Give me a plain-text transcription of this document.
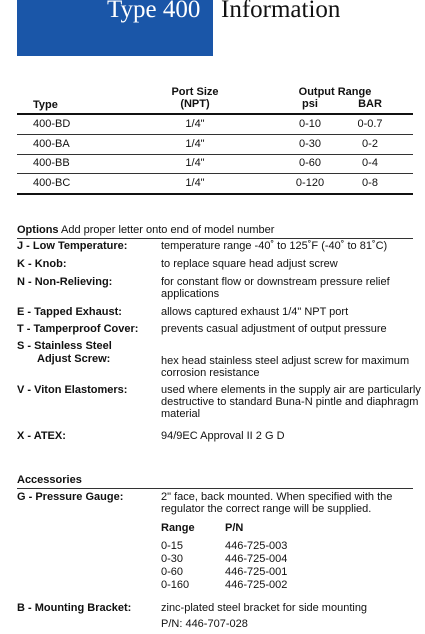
Type 400 Information
Type
Port Size
(NPT)
Output Range
psi	BAR
400-BD	1/4"	0-10	0-0.7
400-BA	1/4"	0-30	0-2
400-BB	1/4"	0-60	0-4
400-BC	1/4"	0-120	0-8
Options Add proper letter onto end of model number
J - Low Temperature:	temperature range -40˚ to 125˚F (-40˚ to 81˚C)
K - Knob:	to replace square head adjust screw
N - Non-Relieving:	for constant flow or downstream pressure relief applications
E - Tapped Exhaust:	allows captured exhaust 1/4" NPT port
T - Tamperproof Cover: prevents casual adjustment of output pressure
S - Stainless Steel
Adjust Screw:	hex head stainless steel adjust screw for maximum corrosion resistance
V - Viton Elastomers:	used where elements in the supply air are particularly destructive to standard Buna-N pintle and diaphragm material
X - ATEX:	94/9EC Approval II 2 G D
Accessories
G - Pressure Gauge:	2" face, back mounted. When specified with the regulator the correct range will be supplied.
Range	P/N
0-15	446-725-003
0-30	446-725-004
0-60	446-725-001
0-160	446-725-002
B - Mounting Bracket:	zinc-plated steel bracket for side mounting
P/N: 446-707-028
